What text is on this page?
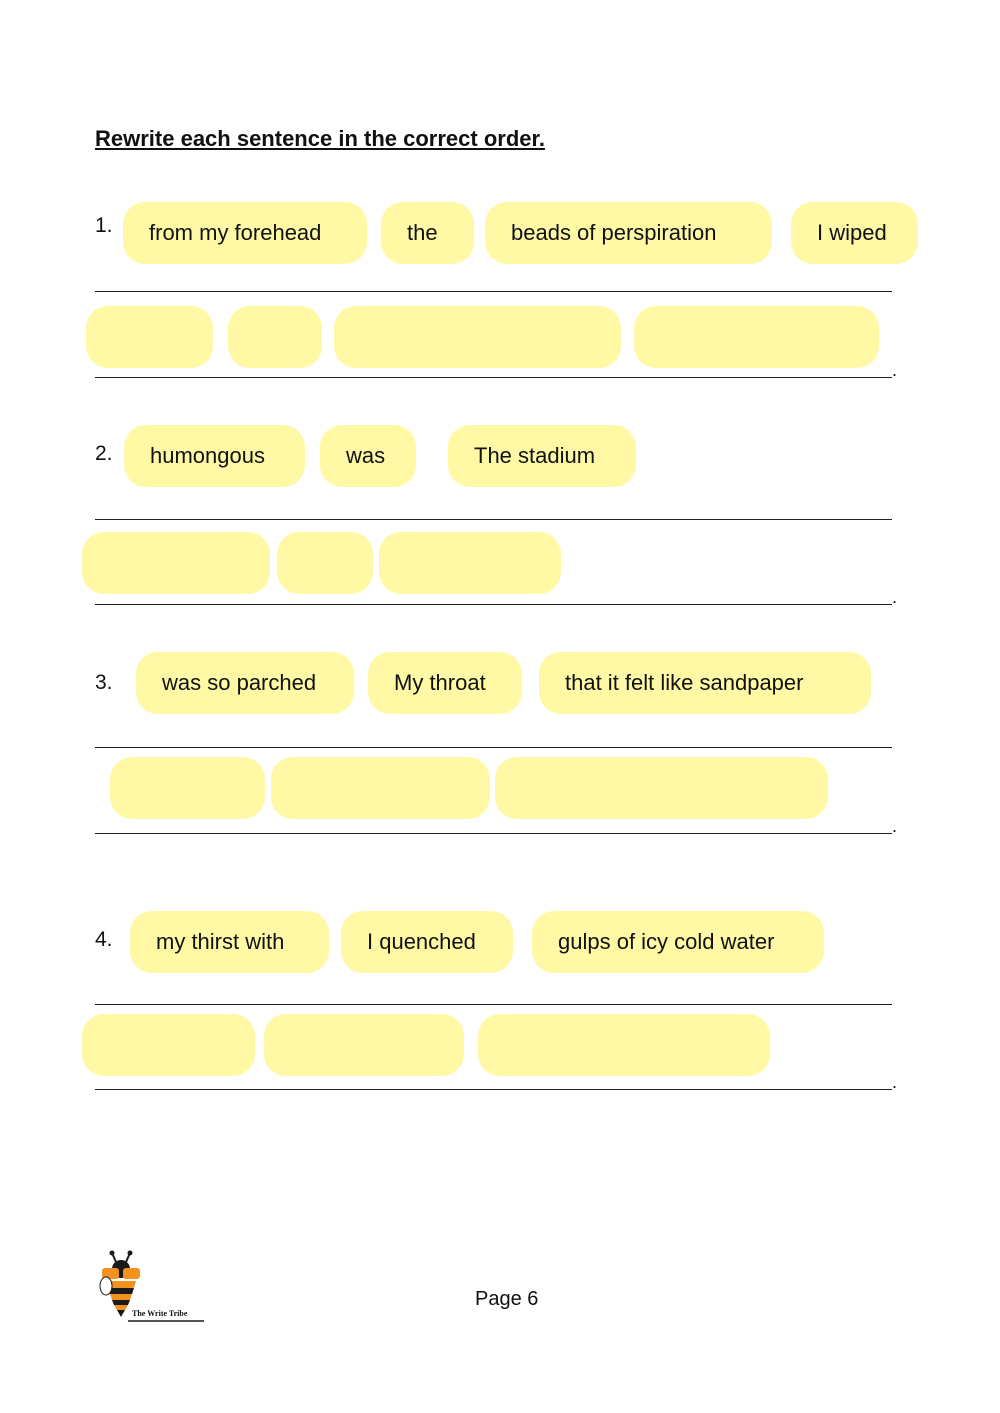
Rewrite each sentence in the correct order.
1.	from my forehead	the	beads of perspiration	I wiped
.
2.	humongous	was	The stadium
.
3.	was so parched	My throat	that it felt like sandpaper
.
4.	my thirst with	I quenched	gulps of icy cold water
.
The Write Tribe
Page 6
